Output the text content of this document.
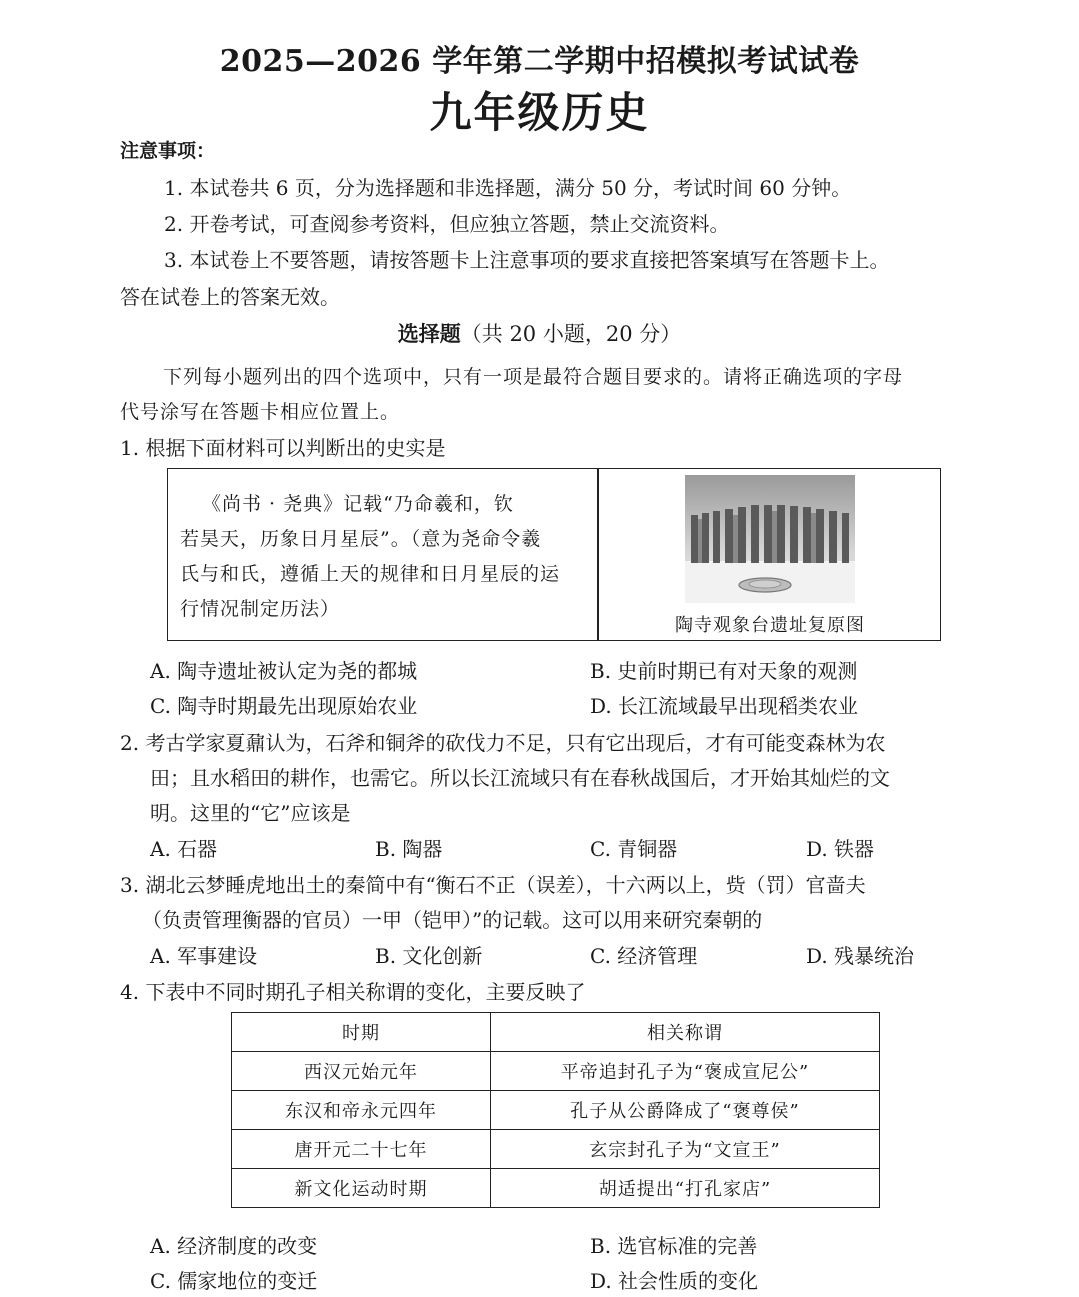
2025—2026 学年第二学期中招模拟考试试卷
九年级历史
注意事项：
1. 本试卷共 6 页，分为选择题和非选择题，满分 50 分，考试时间 60 分钟。
2. 开卷考试，可查阅参考资料，但应独立答题，禁止交流资料。
3. 本试卷上不要答题，请按答题卡上注意事项的要求直接把答案填写在答题卡上。
答在试卷上的答案无效。
选择题（共 20 小题，20 分）
下列每小题列出的四个选项中，只有一项是最符合题目要求的。请将正确选项的字母
代号涂写在答题卡相应位置上。
1. 根据下面材料可以判断出的史实是
《尚书 · 尧典》记载“乃命羲和，钦
若昊天，历象日月星辰”。（意为尧命令羲
氏与和氏，遵循上天的规律和日月星辰的运
行情况制定历法）
陶寺观象台遗址复原图
A. 陶寺遗址被认定为尧的都城	B. 史前时期已有对天象的观测
C. 陶寺时期最先出现原始农业	D. 长江流域最早出现稻类农业
2. 考古学家夏鼐认为，石斧和铜斧的砍伐力不足，只有它出现后，才有可能变森林为农
田；且水稻田的耕作，也需它。所以长江流域只有在春秋战国后，才开始其灿烂的文
明。这里的“它”应该是
A. 石器	B. 陶器	C. 青铜器	D. 铁器
3. 湖北云梦睡虎地出土的秦简中有“衡石不正（误差），十六两以上，赀（罚）官啬夫
（负责管理衡器的官员）一甲（铠甲）”的记载。这可以用来研究秦朝的
A. 军事建设	B. 文化创新	C. 经济管理	D. 残暴统治
4. 下表中不同时期孔子相关称谓的变化，主要反映了
时期	相关称谓
西汉元始元年	平帝追封孔子为“褒成宣尼公”
东汉和帝永元四年	孔子从公爵降成了“褒尊侯”
唐开元二十七年	玄宗封孔子为“文宣王”
新文化运动时期	胡适提出“打孔家店”
A. 经济制度的改变	B. 选官标准的完善
C. 儒家地位的变迁	D. 社会性质的变化
